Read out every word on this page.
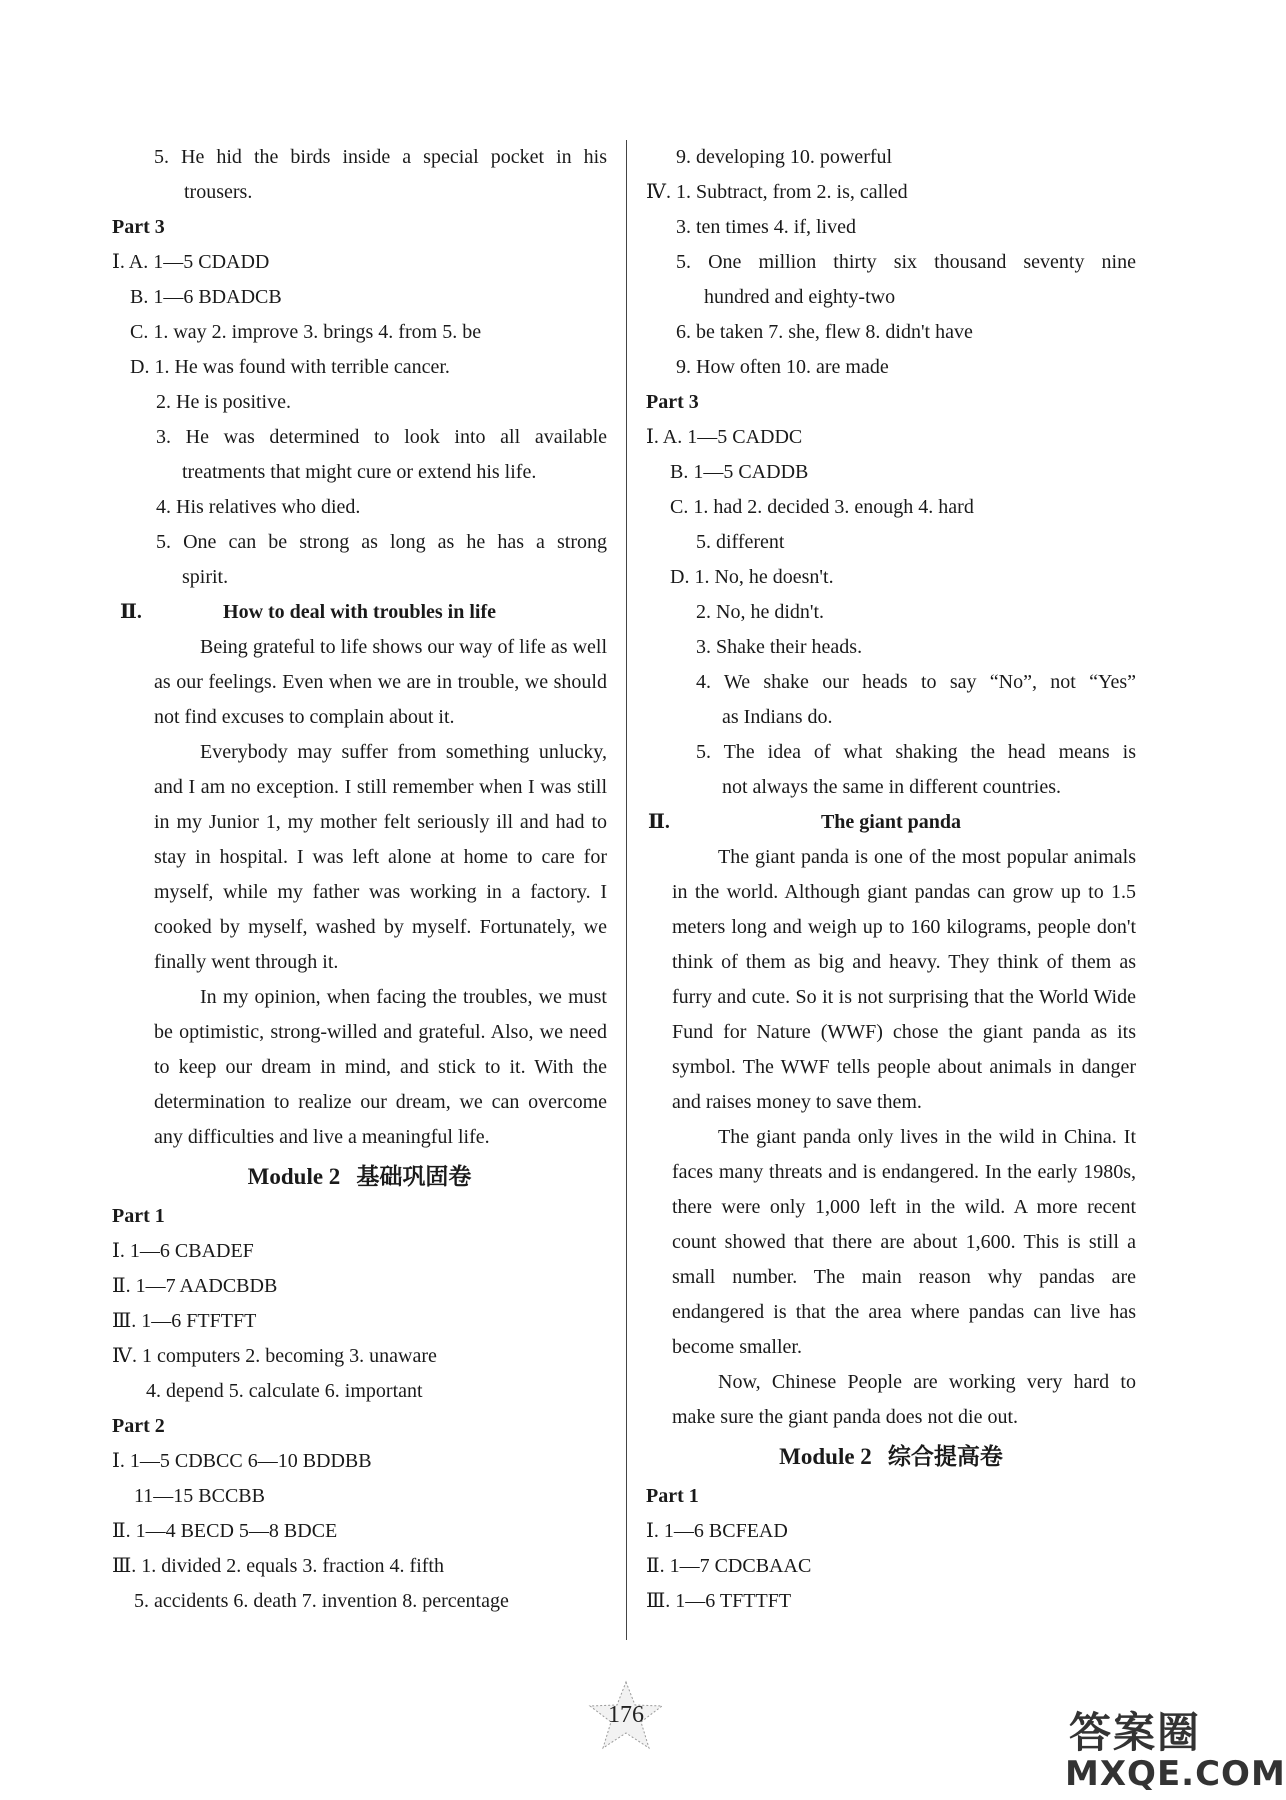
5. He hid the birds inside a special pocket in his
trousers.
Part 3
Ⅰ. A. 1—5 CDADD
B. 1—6 BDADCB
C. 1. way 2. improve 3. brings 4. from 5. be
D. 1. He was found with terrible cancer.
2. He is positive.
3. He was determined to look into all available
treatments that might cure or extend his life.
4. His relatives who died.
5. One can be strong as long as he has a strong
spirit.
Ⅱ.	How to deal with troubles in life
Being grateful to life shows our way of life as well as our feelings. Even when we are in trouble, we should not find excuses to complain about it.
Everybody may suffer from something unlucky, and I am no exception. I still remember when I was still in my Junior 1, my mother felt seriously ill and had to stay in hospital. I was left alone at home to care for myself, while my father was working in a factory. I cooked by myself, washed by myself. Fortunately, we finally went through it.
In my opinion, when facing the troubles, we must be optimistic, strong-willed and grateful. Also, we need to keep our dream in mind, and stick to it. With the determination to realize our dream, we can overcome any difficulties and live a meaningful life.
Module 2 基础巩固卷
Part 1
Ⅰ. 1—6 CBADEF
Ⅱ. 1—7 AADCBDB
Ⅲ. 1—6 FTFTFT
Ⅳ. 1 computers 2. becoming 3. unaware
4. depend 5. calculate 6. important
Part 2
Ⅰ. 1—5 CDBCC 6—10 BDDBB
11—15 BCCBB
Ⅱ. 1—4 BECD 5—8 BDCE
Ⅲ. 1. divided 2. equals 3. fraction 4. fifth
5. accidents 6. death 7. invention 8. percentage
9. developing 10. powerful
Ⅳ. 1. Subtract, from 2. is, called
3. ten times 4. if, lived
5. One million thirty six thousand seventy nine
hundred and eighty-two
6. be taken 7. she, flew 8. didn't have
9. How often 10. are made
Part 3
Ⅰ. A. 1—5 CADDC
B. 1—5 CADDB
C. 1. had 2. decided 3. enough 4. hard
5. different
D. 1. No, he doesn't.
2. No, he didn't.
3. Shake their heads.
4. We shake our heads to say “No”, not “Yes”
as Indians do.
5. The idea of what shaking the head means is
not always the same in different countries.
Ⅱ.	The giant panda
The giant panda is one of the most popular animals in the world. Although giant pandas can grow up to 1.5 meters long and weigh up to 160 kilograms, people don't think of them as big and heavy. They think of them as furry and cute. So it is not surprising that the World Wide Fund for Nature (WWF) chose the giant panda as its symbol. The WWF tells people about animals in danger and raises money to save them.
The giant panda only lives in the wild in China. It faces many threats and is endangered. In the early 1980s, there were only 1,000 left in the wild. A more recent count showed that there are about 1,600. This is still a small number. The main reason why pandas are endangered is that the area where pandas can live has become smaller.
Now, Chinese People are working very hard to make sure the giant panda does not die out.
Module 2 综合提高卷
Part 1
Ⅰ. 1—6 BCFEAD
Ⅱ. 1—7 CDCBAAC
Ⅲ. 1—6 TFTTFT
176	答案圈
MXQE.COM
